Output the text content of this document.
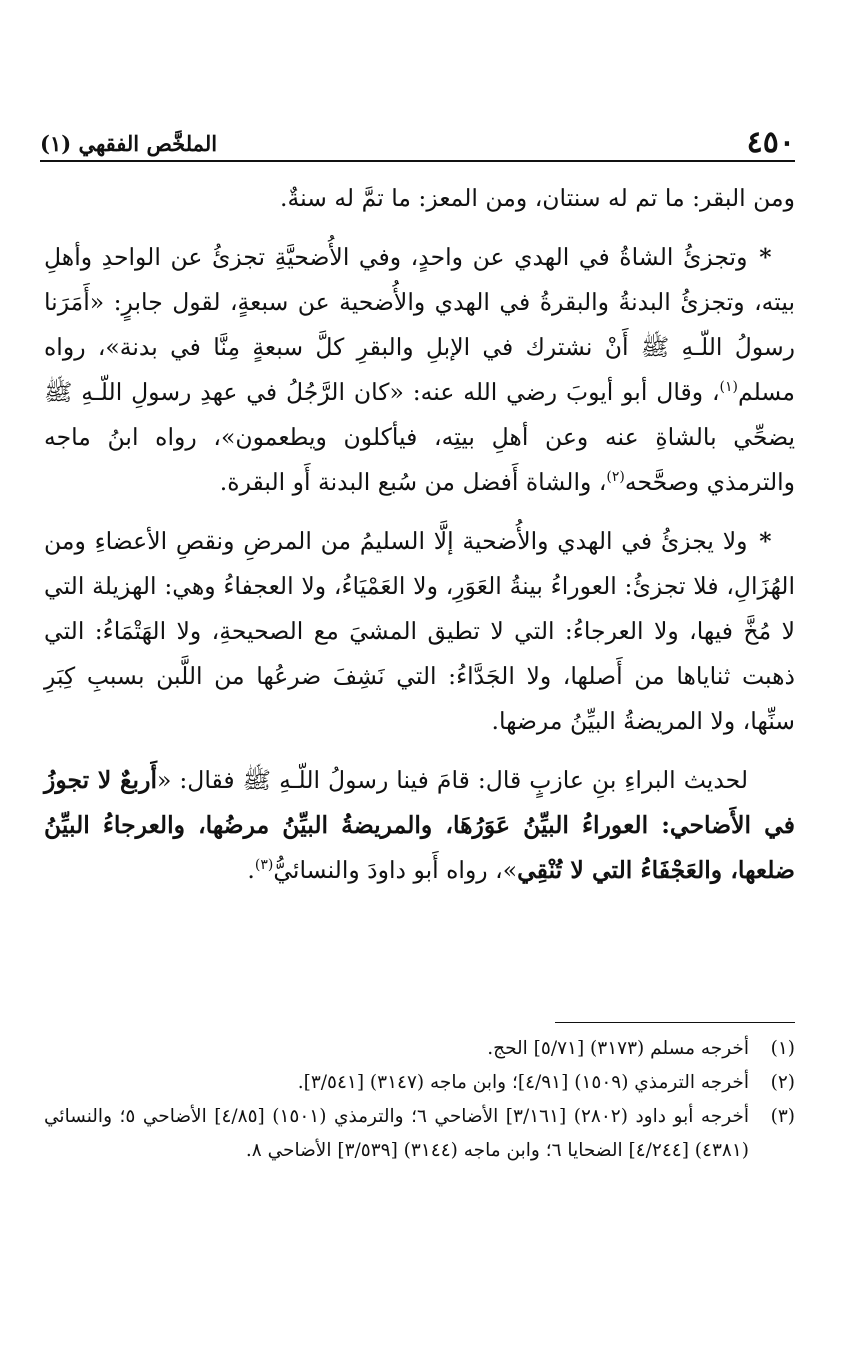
٤٥٠
الملخَّص الفقهي (١)

ومن البقر: ما تم له سنتان، ومن المعز: ما تمَّ له سنةٌ.

 * وتجزئُ الشاةُ في الهدي عن واحدٍ، وفي الأُضحيَّةِ تجزئُ عن الواحدِ وأهلِ بيته، وتجزئُ البدنةُ والبقرةُ في الهدي والأُضحية عن سبعةٍ، لقول جابرٍ: «أَمَرَنا رسولُ اللّـهِ ﷺ أَنْ نشترك في الإبلِ والبقرِ كلَّ سبعةٍ مِنَّا في بدنة»، رواه مسلم$^{(١)}$، وقال أبو أيوبَ رضي الله عنه: «كان الرَّجُلُ في عهدِ رسولِ اللّـهِ ﷺ يضحِّي بالشاةِ عنه وعن أهلِ بيتِه، فيأكلون ويطعمون»، رواه ابنُ ماجه والترمذي وصحَّحه$^{(٢)}$، والشاة أَفضل من سُبع البدنة أَو البقرة.

 * ولا يجزئُ في الهدي والأُضحية إلَّا السليمُ من المرضِ ونقصِ الأعضاءِ ومن الهُزَالِ، فلا تجزئُ: العوراءُ بينةُ العَوَرِ، ولا العَمْيَاءُ، ولا العجفاءُ وهي: الهزيلة التي لا مُخَّ فيها، ولا العرجاءُ: التي لا تطيق المشيَ مع الصحيحةِ، ولا الهَتْمَاءُ: التي ذهبت ثناياها من أَصلها، ولا الجَدَّاءُ: التي نَشِفَ ضرعُها من اللَّبن بسببِ كِبَرِ سنِّها، ولا المريضةُ البيِّنُ مرضها.

  لحديث البراءِ بنِ عازبٍ قال: قامَ فينا رسولُ اللّـهِ ﷺ فقال: «أَربعٌ لا تجوزُ في الأَضاحي: العوراءُ البيِّنُ عَوَرُهَا، والمريضةُ البيِّنُ مرضُها، والعرجاءُ البيِّنُ ضلعها، والعَجْفَاءُ التي لا تُنْقِي»، رواه أَبو داودَ والنسائيُّ$^{(٣)}$.

(١)
أخرجه مسلم (٣١٧٣) [٥/٧١] الحج.
(٢)
أخرجه الترمذي (١٥٠٩) [٤/٩١]؛ وابن ماجه (٣١٤٧) [٣/٥٤١].
(٣)
أخرجه أبو داود (٢٨٠٢) [٣/١٦١] الأضاحي ٦؛ والترمذي (١٥٠١) [٤/٨٥] الأضاحي ٥؛ والنسائي (٤٣٨١) [٤/٢٤٤] الضحايا ٦؛ وابن ماجه (٣١٤٤) [٣/٥٣٩] الأضاحي ٨.
